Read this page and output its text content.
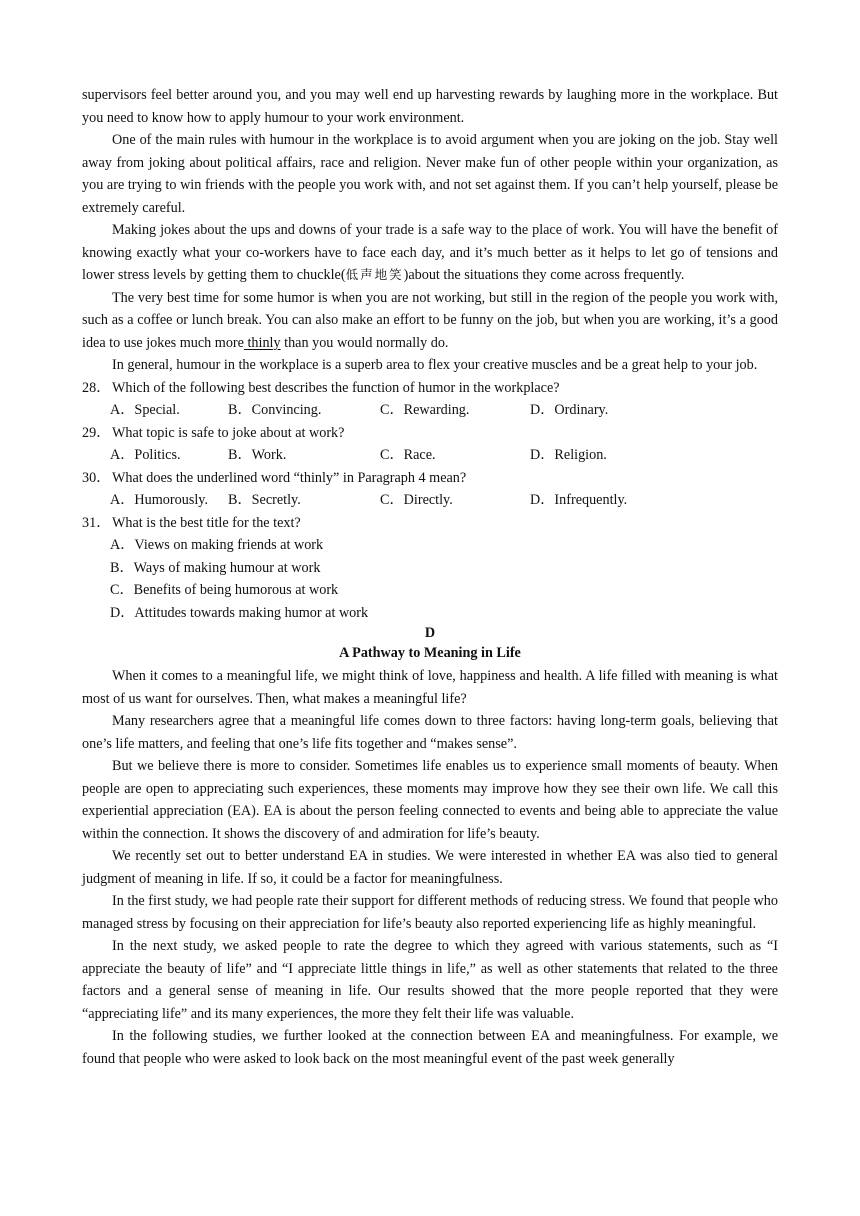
supervisors feel better around you, and you may well end up harvesting rewards by laughing more in the workplace. But you need to know how to apply humour to your work environment.

One of the main rules with humour in the workplace is to avoid argument when you are joking on the job. Stay well away from joking about political affairs, race and religion. Never make fun of other people within your organization, as you are trying to win friends with the people you work with, and not set against them. If you can’t help yourself, please be extremely careful.

Making jokes about the ups and downs of your trade is a safe way to the place of work. You will have the benefit of knowing exactly what your co-workers have to face each day, and it’s much better as it helps to let go of tensions and lower stress levels by getting them to chuckle(低声地笑)about the situations they come across frequently.

The very best time for some humor is when you are not working, but still in the region of the people you work with, such as a coffee or lunch break. You can also make an effort to be funny on the job, but when you are working, it’s a good idea to use jokes much more thinly than you would normally do.

In general, humour in the workplace is a superb area to flex your creative muscles and be a great help to your job.

28． Which of the following best describes the function of humor in the workplace?
A．Special.	B．Convincing.	C．Rewarding.	D．Ordinary.
29． What topic is safe to joke about at work?
A．Politics.	B．Work.	C．Race.	D．Religion.
30． What does the underlined word “thinly” in Paragraph 4 mean?
A．Humorously.	B．Secretly.	C．Directly.	D．Infrequently.
31． What is the best title for the text?

A．Views on making friends at work

B．Ways of making humour at work

C．Benefits of being humorous at work

D．Attitudes towards making humor at work

D

A Pathway to Meaning in Life

When it comes to a meaningful life, we might think of love, happiness and health. A life filled with meaning is what most of us want for ourselves. Then, what makes a meaningful life?

Many researchers agree that a meaningful life comes down to three factors: having long-term goals, believing that one’s life matters, and feeling that one’s life fits together and “makes sense”.

But we believe there is more to consider. Sometimes life enables us to experience small moments of beauty. When people are open to appreciating such experiences, these moments may improve how they see their own life. We call this experiential appreciation (EA). EA is about the person feeling connected to events and being able to appreciate the value within the connection. It shows the discovery of and admiration for life’s beauty.

We recently set out to better understand EA in studies. We were interested in whether EA was also tied to general judgment of meaning in life. If so, it could be a factor for meaningfulness.

In the first study, we had people rate their support for different methods of reducing stress. We found that people who managed stress by focusing on their appreciation for life’s beauty also reported experiencing life as highly meaningful.

In the next study, we asked people to rate the degree to which they agreed with various statements, such as “I appreciate the beauty of life” and “I appreciate little things in life,” as well as other statements that related to the three factors and a general sense of meaning in life. Our results showed that the more people reported that they were “appreciating life” and its many experiences, the more they felt their life was valuable.

In the following studies, we further looked at the connection between EA and meaningfulness. For example, we found that people who were asked to look back on the most meaningful event of the past week generally
